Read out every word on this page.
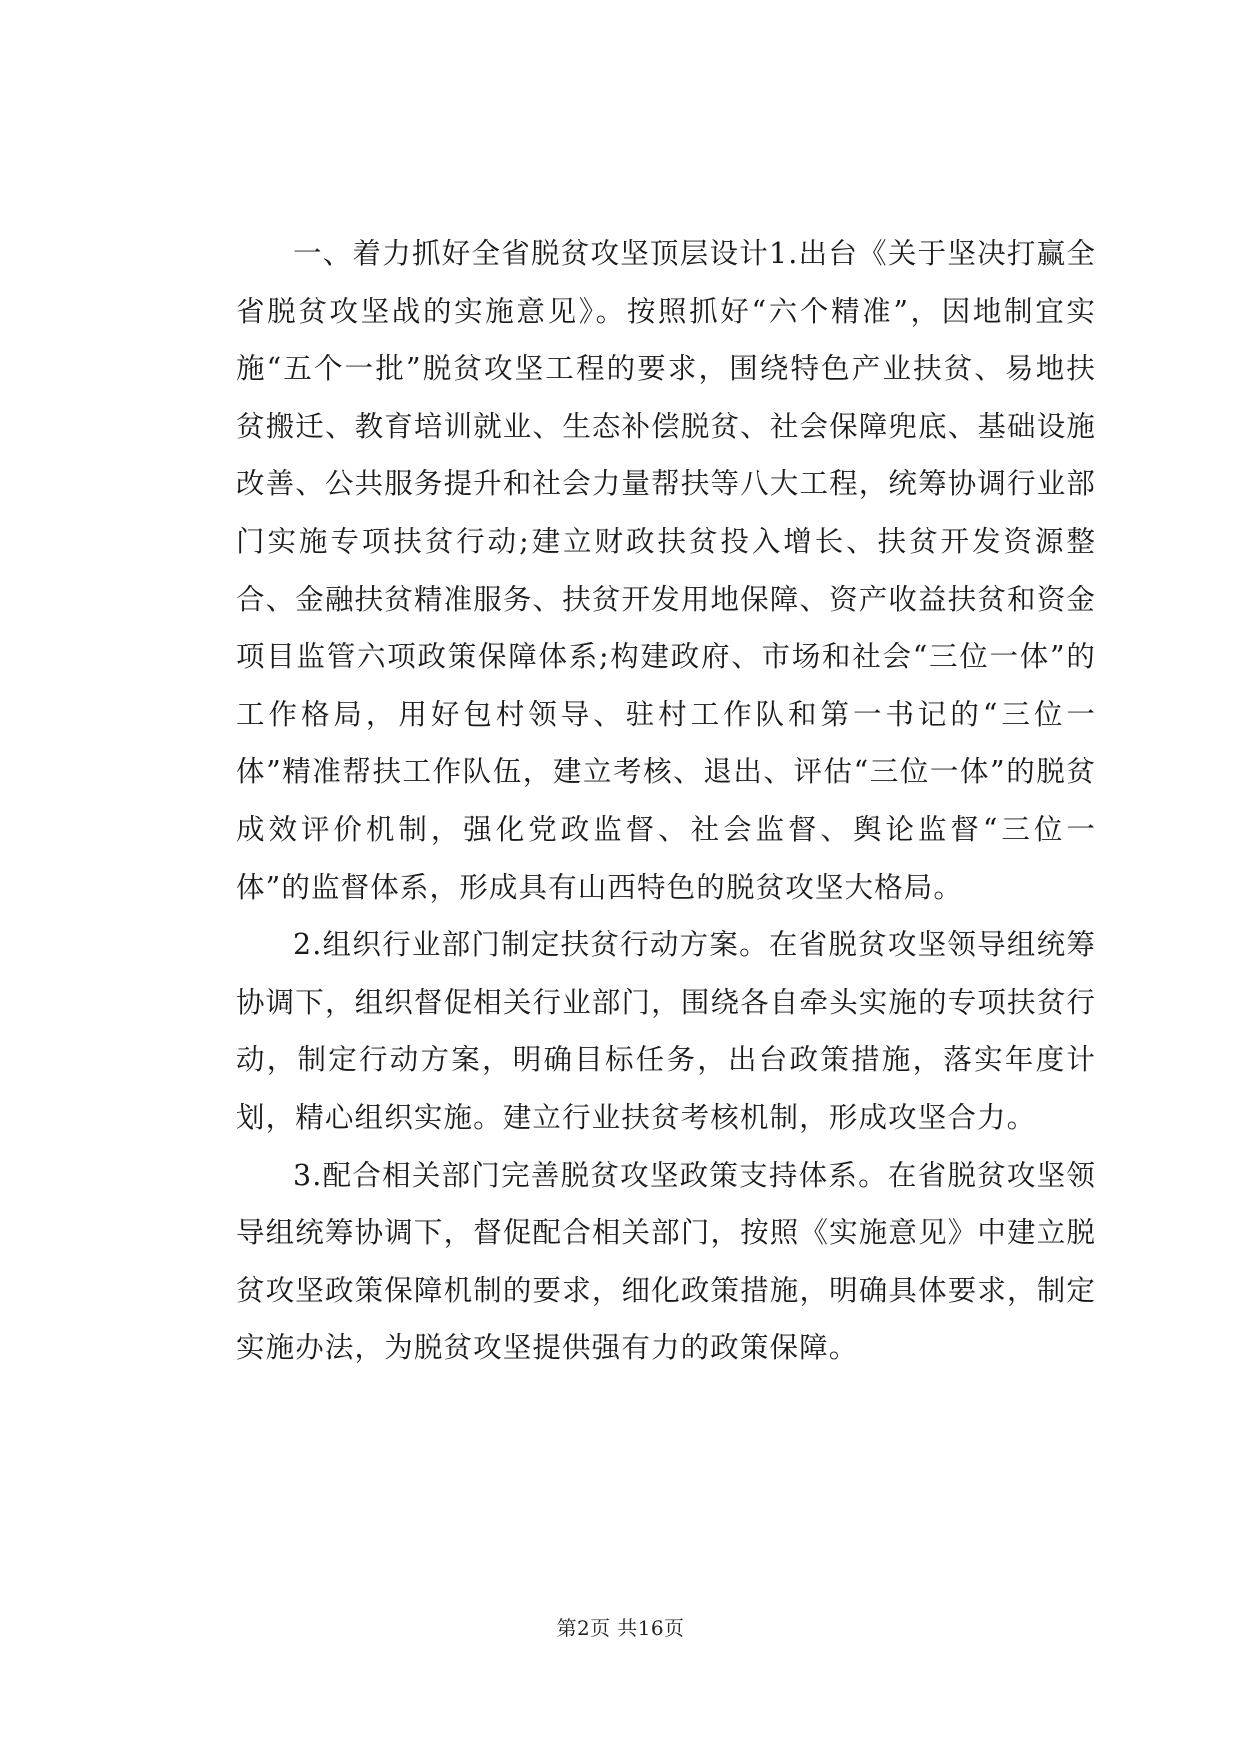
一、着力抓好全省脱贫攻坚顶层设计1.出台《关于坚决打赢全省脱贫攻坚战的实施意见》。按照抓好“六个精准”，因地制宜实施“五个一批”脱贫攻坚工程的要求，围绕特色产业扶贫、易地扶贫搬迁、教育培训就业、生态补偿脱贫、社会保障兜底、基础设施改善、公共服务提升和社会力量帮扶等八大工程，统筹协调行业部门实施专项扶贫行动;建立财政扶贫投入增长、扶贫开发资源整合、金融扶贫精准服务、扶贫开发用地保障、资产收益扶贫和资金项目监管六项政策保障体系;构建政府、市场和社会“三位一体”的工作格局，用好包村领导、驻村工作队和第一书记的“三位一体”精准帮扶工作队伍，建立考核、退出、评估“三位一体”的脱贫成效评价机制，强化党政监督、社会监督、舆论监督“三位一体”的监督体系，形成具有山西特色的脱贫攻坚大格局。

2.组织行业部门制定扶贫行动方案。在省脱贫攻坚领导组统筹协调下，组织督促相关行业部门，围绕各自牵头实施的专项扶贫行动，制定行动方案，明确目标任务，出台政策措施，落实年度计划，精心组织实施。建立行业扶贫考核机制，形成攻坚合力。

3.配合相关部门完善脱贫攻坚政策支持体系。在省脱贫攻坚领导组统筹协调下，督促配合相关部门，按照《实施意见》中建立脱贫攻坚政策保障机制的要求，细化政策措施，明确具体要求，制定实施办法，为脱贫攻坚提供强有力的政策保障。

第2页 共16页
